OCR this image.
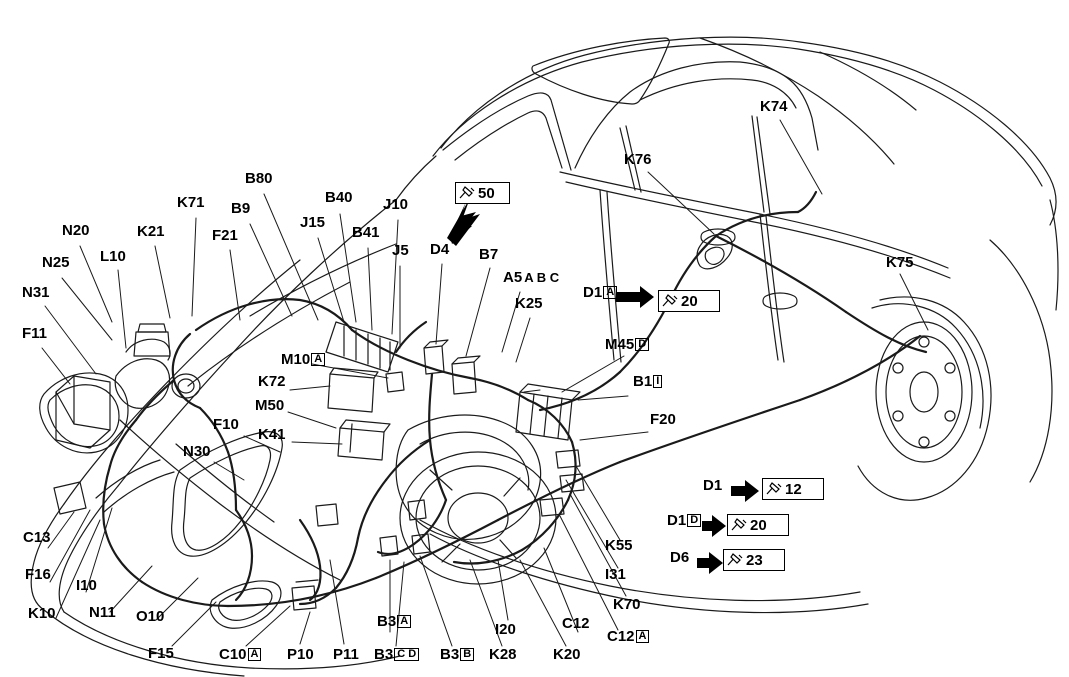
K74
K76
B80
B40 J10
K71 B9
J15
B41
N20	K21	F21
J5 D4 B7
N25 L10	K75
A5 A B C
N31
K25
D1 A
F11
M45 D
M10 A
K72	B1 I
M50
F20
F10
K41
N30
D1
D1 D
C13
D6
K55
F16	I31
I10
N11
K10	O10
K70
B3 A	I20	C12
C12 A
F15	C10 A P10 P11 B3 C D B3 B K28 K20
50
20
12
20
23
